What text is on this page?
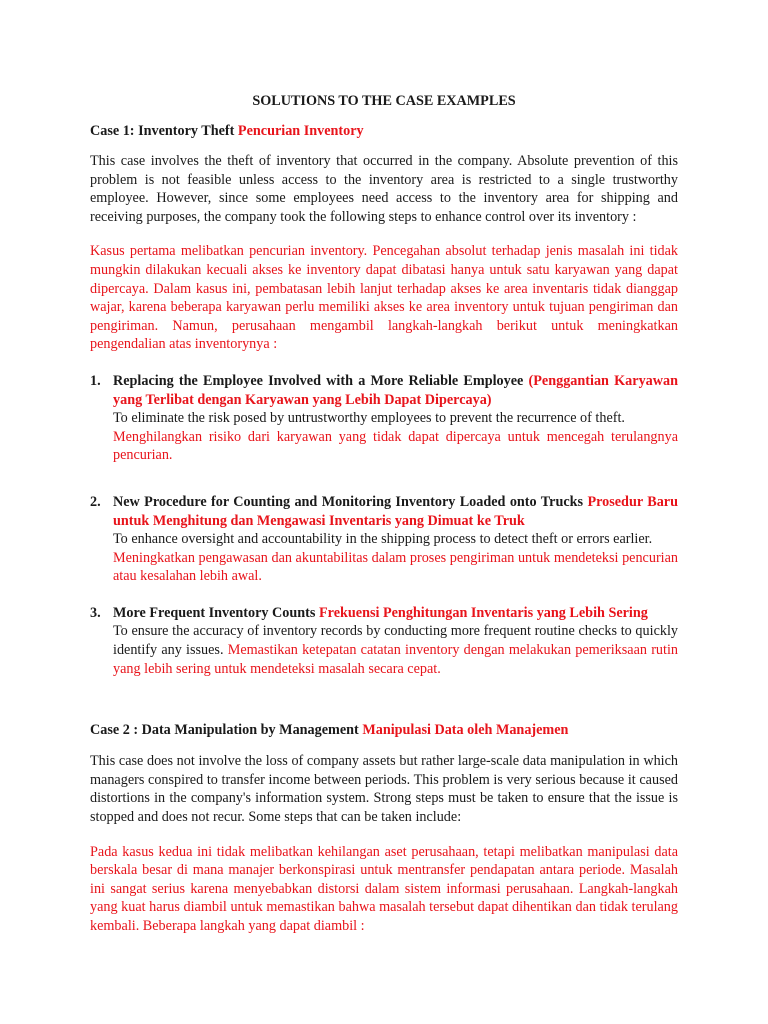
SOLUTIONS TO THE CASE EXAMPLES
Case 1: Inventory Theft Pencurian Inventory

This case involves the theft of inventory that occurred in the company. Absolute prevention of this problem is not feasible unless access to the inventory area is restricted to a single trustworthy employee. However, since some employees need access to the inventory area for shipping and receiving purposes, the company took the following steps to enhance control over its inventory :

Kasus pertama melibatkan pencurian inventory. Pencegahan absolut terhadap jenis masalah ini tidak mungkin dilakukan kecuali akses ke inventory dapat dibatasi hanya untuk satu karyawan yang dapat dipercaya. Dalam kasus ini, pembatasan lebih lanjut terhadap akses ke area inventaris tidak dianggap wajar, karena beberapa karyawan perlu memiliki akses ke area inventory untuk tujuan pengiriman dan pengiriman. Namun, perusahaan mengambil langkah-langkah berikut untuk meningkatkan pengendalian atas inventorynya :

1. Replacing the Employee Involved with a More Reliable Employee (Penggantian Karyawan yang Terlibat dengan Karyawan yang Lebih Dapat Dipercaya)
To eliminate the risk posed by untrustworthy employees to prevent the recurrence of theft.
Menghilangkan risiko dari karyawan yang tidak dapat dipercaya untuk mencegah terulangnya pencurian.
2. New Procedure for Counting and Monitoring Inventory Loaded onto Trucks Prosedur Baru untuk Menghitung dan Mengawasi Inventaris yang Dimuat ke Truk
To enhance oversight and accountability in the shipping process to detect theft or errors earlier.
Meningkatkan pengawasan dan akuntabilitas dalam proses pengiriman untuk mendeteksi pencurian atau kesalahan lebih awal.
3. More Frequent Inventory Counts Frekuensi Penghitungan Inventaris yang Lebih Sering
To ensure the accuracy of inventory records by conducting more frequent routine checks to quickly identify any issues. Memastikan ketepatan catatan inventory dengan melakukan pemeriksaan rutin yang lebih sering untuk mendeteksi masalah secara cepat.
Case 2 : Data Manipulation by Management Manipulasi Data oleh Manajemen

This case does not involve the loss of company assets but rather large-scale data manipulation in which managers conspired to transfer income between periods. This problem is very serious because it caused distortions in the company's information system. Strong steps must be taken to ensure that the issue is stopped and does not recur. Some steps that can be taken include:

Pada kasus kedua ini tidak melibatkan kehilangan aset perusahaan, tetapi melibatkan manipulasi data berskala besar di mana manajer berkonspirasi untuk mentransfer pendapatan antara periode. Masalah ini sangat serius karena menyebabkan distorsi dalam sistem informasi perusahaan. Langkah-langkah yang kuat harus diambil untuk memastikan bahwa masalah tersebut dapat dihentikan dan tidak terulang kembali. Beberapa langkah yang dapat diambil :
